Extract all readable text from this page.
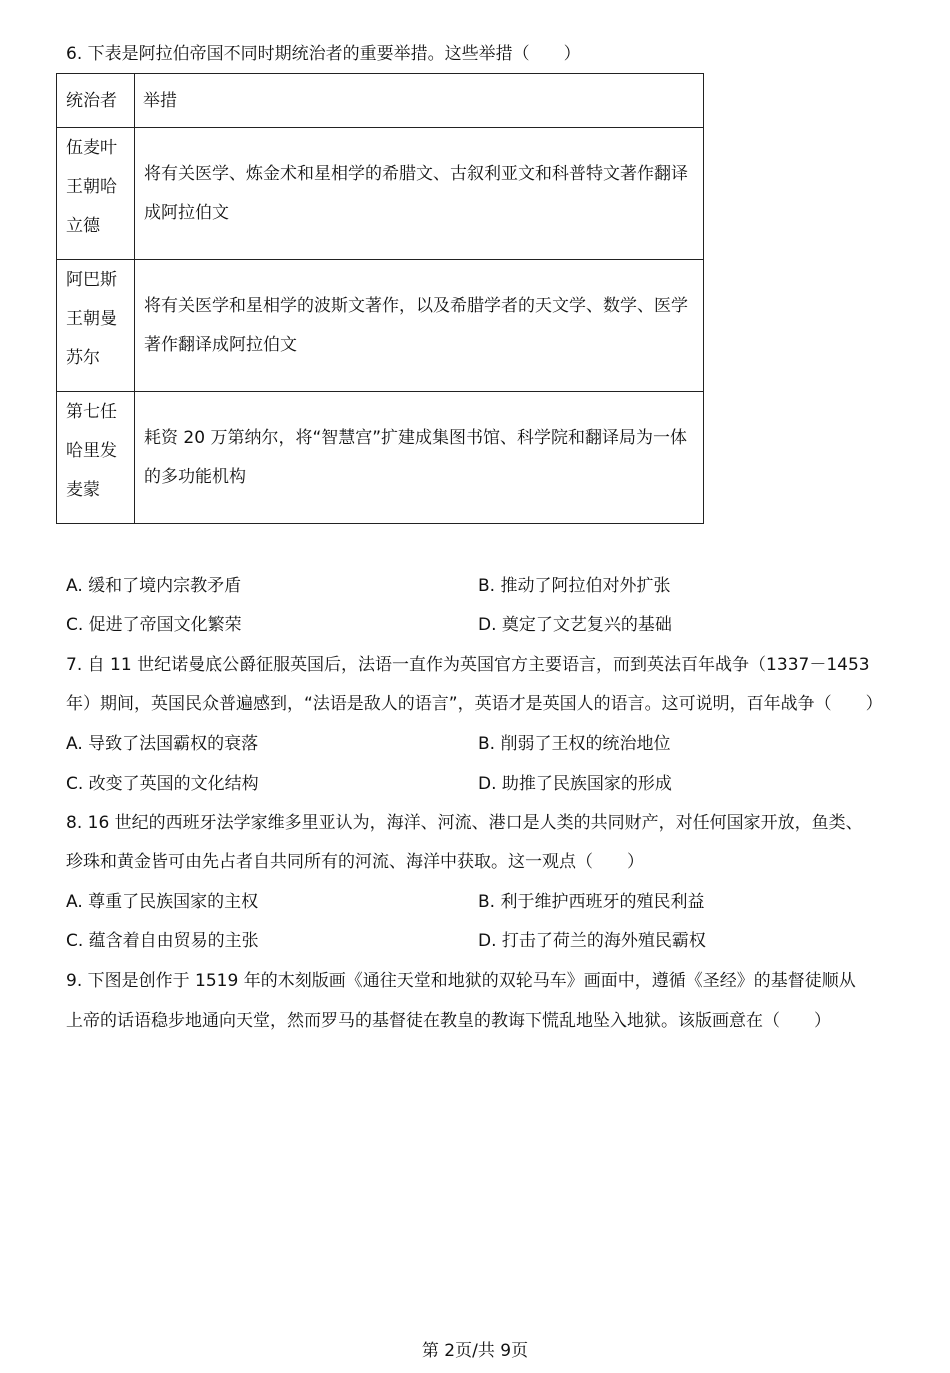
6. 下表是阿拉伯帝国不同时期统治者的重要举措。这些举措（　　）
统治者	举措
伍麦叶
王朝哈
立德	将有关医学、炼金术和星相学的希腊文、古叙利亚文和科普特文著作翻译成阿拉伯文
阿巴斯
王朝曼
苏尔	将有关医学和星相学的波斯文著作，以及希腊学者的天文学、数学、医学著作翻译成阿拉伯文
第七任
哈里发
麦蒙	耗资 20 万第纳尔，将“智慧宫”扩建成集图书馆、科学院和翻译局为一体的多功能机构
A. 缓和了境内宗教矛盾	B. 推动了阿拉伯对外扩张
C. 促进了帝国文化繁荣	D. 奠定了文艺复兴的基础
7. 自 11 世纪诺曼底公爵征服英国后，法语一直作为英国官方主要语言，而到英法百年战争（1337－1453
年）期间，英国民众普遍感到，“法语是敌人的语言”，英语才是英国人的语言。这可说明，百年战争（　　）
A. 导致了法国霸权的衰落	B. 削弱了王权的统治地位
C. 改变了英国的文化结构	D. 助推了民族国家的形成
8. 16 世纪的西班牙法学家维多里亚认为，海洋、河流、港口是人类的共同财产，对任何国家开放，鱼类、
珍珠和黄金皆可由先占者自共同所有的河流、海洋中获取。这一观点（　　）
A. 尊重了民族国家的主权	B. 利于维护西班牙的殖民利益
C. 蕴含着自由贸易的主张	D. 打击了荷兰的海外殖民霸权
9. 下图是创作于 1519 年的木刻版画《通往天堂和地狱的双轮马车》画面中，遵循《圣经》的基督徒顺从
上帝的话语稳步地通向天堂，然而罗马的基督徒在教皇的教诲下慌乱地坠入地狱。该版画意在（　　）
第 2页/共 9页
